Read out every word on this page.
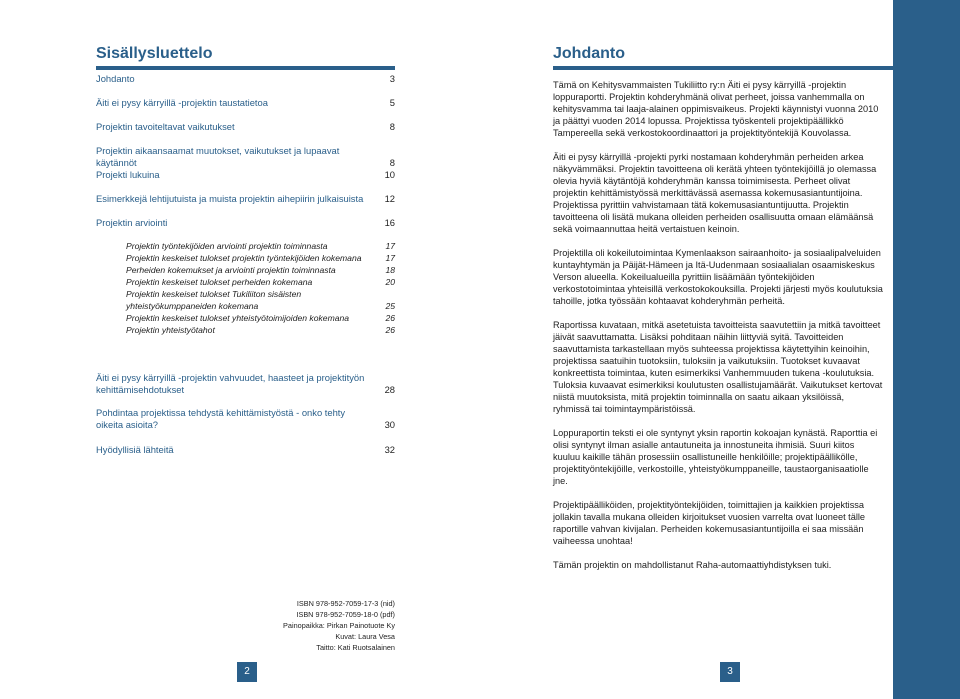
Sisällysluettelo
Johdanto	3
Äiti ei pysy kärryillä -projektin taustatietoa	5
Projektin tavoiteltavat vaikutukset	8
Projektin aikaansaamat muutokset, vaikutukset ja lupaavat käytännöt	8
Projekti lukuina	10
Esimerkkejä lehtijutuista ja muista projektin aihepiirin julkaisuista	12
Projektin arviointi	16
Projektin työntekijöiden arviointi projektin toiminnasta	17
Projektin keskeiset tulokset projektin työntekijöiden kokemana	17
Perheiden kokemukset ja arviointi projektin toiminnasta	18
Projektin keskeiset tulokset perheiden kokemana	20
Projektin keskeiset tulokset Tukiliiton sisäisten yhteistyökumppaneiden kokemana	25
Projektin keskeiset tulokset yhteistyötoimijoiden kokemana	26
Projektin yhteistyötahot	26
Äiti ei pysy kärryillä -projektin vahvuudet, haasteet ja projektityön kehittämisehdotukset	28
Pohdintaa projektissa tehdystä kehittämistyöstä - onko tehty oikeita asioita?	30
Hyödyllisiä lähteitä	32
ISBN 978-952-7059-17-3 (nid)
ISBN 978-952-7059-18-0 (pdf)
Painopaikka: Pirkan Painotuote Ky
Kuvat: Laura Vesa
Taitto: Kati Ruotsalainen
2
Johdanto

Tämä on Kehitysvammaisten Tukiliitto ry:n Äiti ei pysy kärryillä -projektin loppuraportti. Projektin kohderyhmänä olivat perheet, joissa vanhemmalla on kehitysvamma tai laaja-alainen oppimisvaikeus. Projekti käynnistyi vuonna 2010 ja päättyi vuoden 2014 lopussa. Projektissa työskenteli projektipäällikkö Tampereella sekä verkostokoordinaattori ja projektityöntekijä Kouvolassa.

Äiti ei pysy kärryillä -projekti pyrki nostamaan kohderyhmän perheiden arkea näkyvämmäksi. Projektin tavoitteena oli kerätä yhteen työntekijöillä jo olemassa olevia hyviä käytäntöjä kohderyhmän kanssa toimimisesta. Perheet olivat projektin kehittämistyössä merkittävässä asemassa kokemusasiantuntijoina. Projektissa pyrittiin vahvistamaan tätä kokemusasiantuntijuutta. Projektin tavoitteena oli lisätä mukana olleiden perheiden osallisuutta omaan elämäänsä sekä voimaannuttaa heitä vertaistuen keinoin.

Projektilla oli kokeilutoimintaa Kymenlaakson sairaanhoito- ja sosiaalipalveluiden kuntayhtymän ja Päijät-Hämeen ja Itä-Uudenmaan sosiaalialan osaamiskeskus Verson alueella. Kokeilualueilla pyrittiin lisäämään työntekijöiden verkostotoimintaa yhteisillä verkostokokouksilla. Projekti järjesti myös koulutuksia tahoille, jotka työssään kohtaavat kohderyhmän perheitä.

Raportissa kuvataan, mitkä asetetuista tavoitteista saavutettiin ja mitkä tavoitteet jäivät saavuttamatta. Lisäksi pohditaan näihin liittyviä syitä. Tavoitteiden saavuttamista tarkastellaan myös suhteessa projektissa käytettyihin keinoihin, projektissa saatuihin tuotoksiin, tuloksiin ja vaikutuksiin. Tuotokset kuvaavat konkreettista toimintaa, kuten esimerkiksi Vanhemmuuden tukena -koulutuksia. Tuloksia kuvaavat esimerkiksi koulutusten osallistujamäärät. Vaikutukset kertovat niistä muutoksista, mitä projektin toiminnalla on saatu aikaan yksilöissä, ryhmissä tai toimintaympäristöissä.

Loppuraportin teksti ei ole syntynyt yksin raportin kokoajan kynästä. Raporttia ei olisi syntynyt ilman asialle antautuneita ja innostuneita ihmisiä. Suuri kiitos kuuluu kaikille tähän prosessiin osallistuneille henkilöille; projektipäällikölle, projektityöntekijöille, verkostoille, yhteistyökumppaneille, taustaorganisaatiolle jne.

Projektipäälliköiden, projektityöntekijöiden, toimittajien ja kaikkien projektissa jollakin tavalla mukana olleiden kirjoitukset vuosien varrelta ovat luoneet tälle raportille vahvan kivijalan. Perheiden kokemusasiantuntijoilla ei saa missään vaiheessa unohtaa!

Tämän projektin on mahdollistanut Raha-automaattiyhdistyksen tuki.

3
